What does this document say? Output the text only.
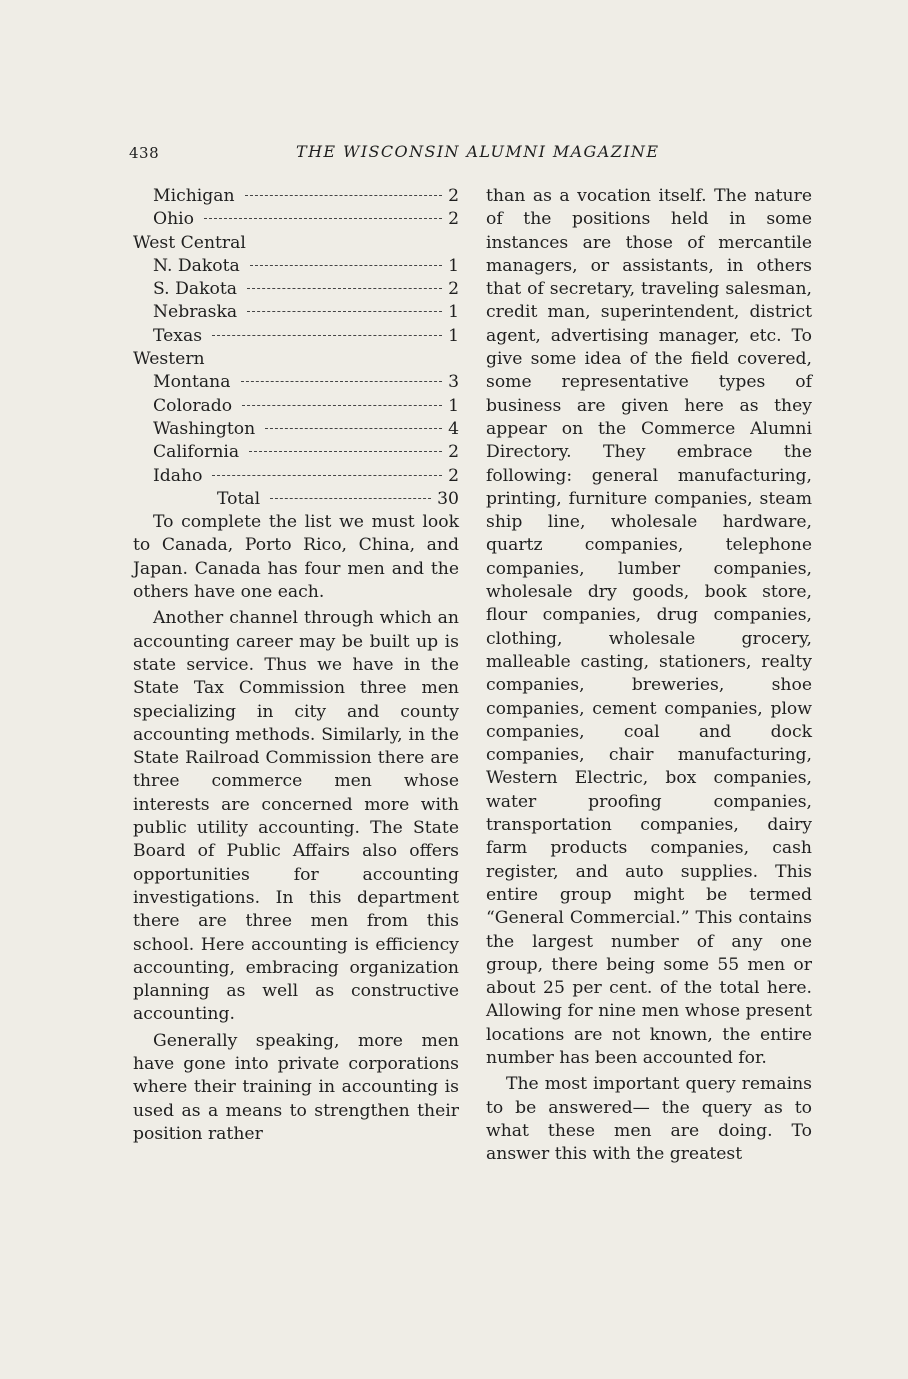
438	THE WISCONSIN ALUMNI MAGAZINE
Michigan	2
Ohio	2
West Central
N. Dakota	1
S. Dakota	2
Nebraska	1
Texas	1
Western
Montana	3
Colorado	1
Washington	4
California	2
Idaho	2
Total	30

To complete the list we must look to Canada, Porto Rico, China, and Japan. Canada has four men and the others have one each.

Another channel through which an accounting career may be built up is state service. Thus we have in the State Tax Commission three men specializing in city and county accounting methods. Similarly, in the State Railroad Commission there are three commerce men whose interests are concerned more with public utility accounting. The State Board of Public Affairs also offers opportunities for accounting investigations. In this department there are three men from this school. Here accounting is efficiency accounting, embracing organization planning as well as constructive accounting.

Generally speaking, more men have gone into private corporations where their training in accounting is used as a means to strengthen their position rather

than as a vocation itself. The nature of the positions held in some instances are those of mercantile managers, or assistants, in others that of secretary, traveling salesman, credit man, superintendent, district agent, advertising manager, etc. To give some idea of the field covered, some representative types of business are given here as they appear on the Commerce Alumni Directory. They embrace the following: general manufacturing, printing, furniture companies, steam ship line, wholesale hardware, quartz companies, telephone companies, lumber companies, wholesale dry goods, book store, flour companies, drug companies, clothing, wholesale grocery, malleable casting, stationers, realty companies, breweries, shoe companies, cement companies, plow companies, coal and dock companies, chair manufacturing, Western Electric, box companies, water proofing companies, transportation companies, dairy farm products companies, cash register, and auto supplies. This entire group might be termed “General Commercial.” This contains the largest number of any one group, there being some 55 men or about 25 per cent. of the total here. Allowing for nine men whose present locations are not known, the entire number has been accounted for.

The most important query remains to be answered— the query as to what these men are doing. To answer this with the greatest
